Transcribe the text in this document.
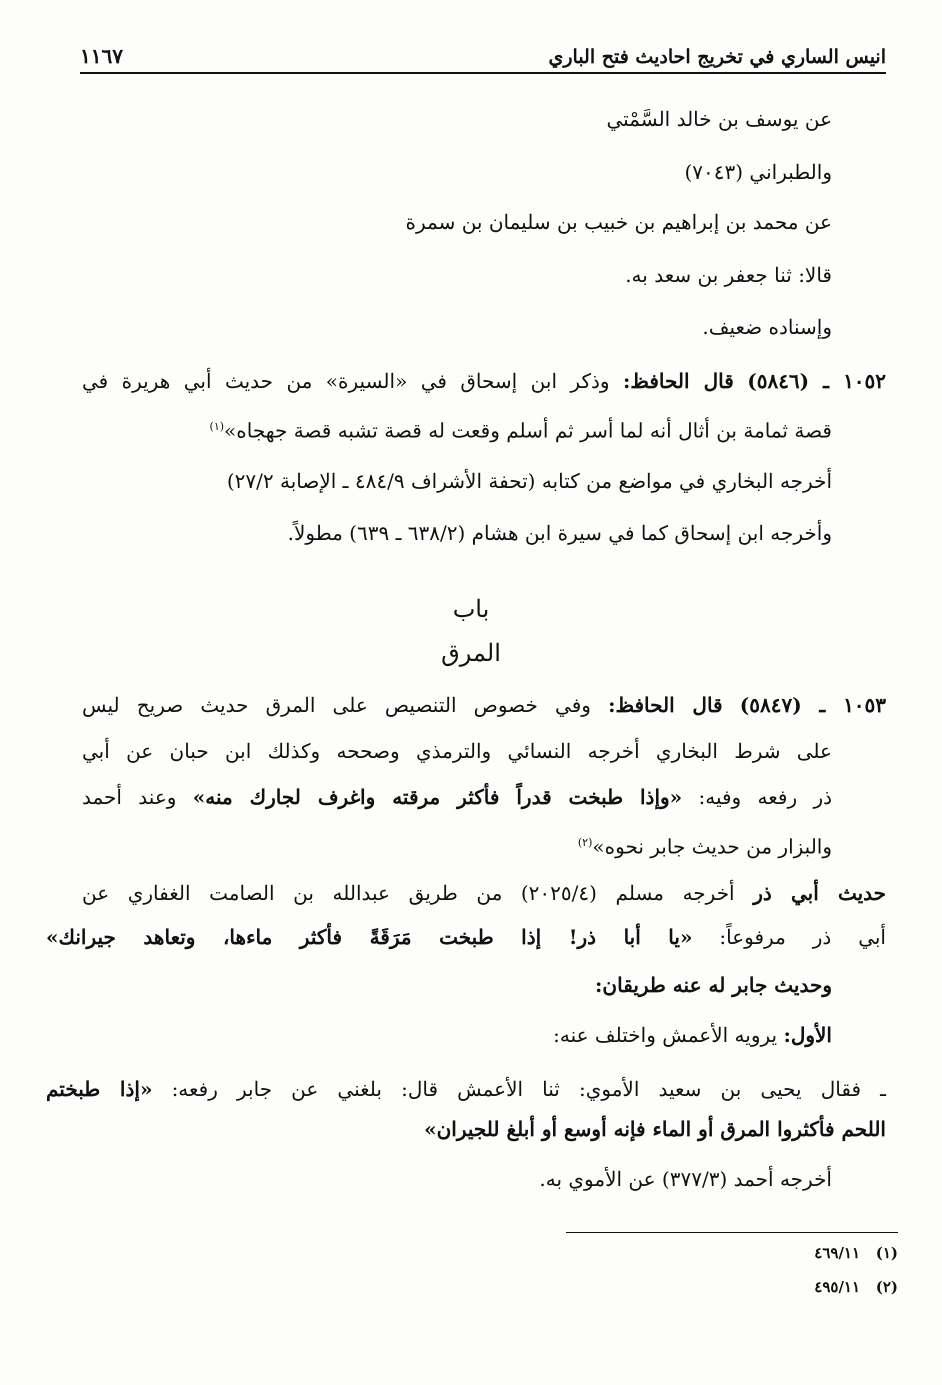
انيس الساري في تخريج احاديث فتح الباري
١١٦٧
عن يوسف بن خالد السَّمْتي
والطبراني (٧٠٤٣)
عن محمد بن إبراهيم بن خبيب بن سليمان بن سمرة
قالا: ثنا جعفر بن سعد به.
وإسناده ضعيف.
١٠٥٢ ـ (٥٨٤٦) قال الحافظ: وذكر ابن إسحاق في «السيرة» من حديث أبي هريرة في
قصة ثمامة بن أثال أنه لما أسر ثم أسلم وقعت له قصة تشبه قصة جهجاه»$^{(١)}$
أخرجه البخاري في مواضع من كتابه (تحفة الأشراف ٤٨٤/٩ ـ الإصابة ٢٧/٢)
وأخرجه ابن إسحاق كما في سيرة ابن هشام (٦٣٨/٢ ـ ٦٣٩) مطولاً.
باب
المرق
١٠٥٣ ـ (٥٨٤٧) قال الحافظ: وفي خصوص التنصيص على المرق حديث صريح ليس
على شرط البخاري أخرجه النسائي والترمذي وصححه وكذلك ابن حبان عن أبي
ذر رفعه وفيه: «وإذا طبخت قدراً فأكثر مرقته واغرف لجارك منه» وعند أحمد
والبزار من حديث جابر نحوه»$^{(٢)}$
حديث أبي ذر أخرجه مسلم (٢٠٢٥/٤) من طريق عبدالله بن الصامت الغفاري عن
أبي ذر مرفوعاً: «يا أبا ذر! إذا طبخت مَرَقَةً فأكثر ماءها، وتعاهد جيرانك»
وحديث جابر له عنه طريقان:
الأول: يرويه الأعمش واختلف عنه:
ـ فقال يحيى بن سعيد الأموي: ثنا الأعمش قال: بلغني عن جابر رفعه: «إذا طبختم
اللحم فأكثروا المرق أو الماء فإنه أوسع أو أبلغ للجيران»
أخرجه أحمد (٣٧٧/٣) عن الأموي به.
(١)   ٤٦٩/١١
(٢)   ٤٩٥/١١
